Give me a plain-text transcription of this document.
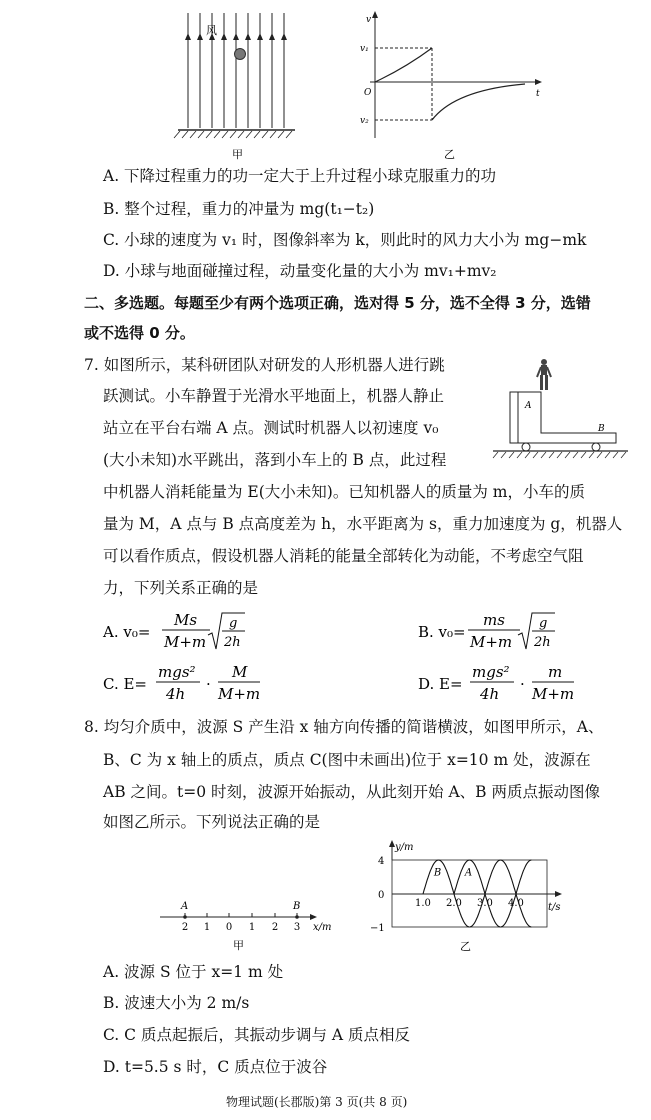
风
甲
v
t
v₁
v₂
O
乙
A. 下降过程重力的功一定大于上升过程小球克服重力的功
B. 整个过程，重力的冲量为 mg(t₁−t₂)
C. 小球的速度为 v₁ 时，图像斜率为 k，则此时的风力大小为 mg−mk
D. 小球与地面碰撞过程，动量变化量的大小为 mv₁+mv₂
二、多选题。每题至少有两个选项正确，选对得 5 分，选不全得 3 分，选错
或不选得 0 分。
7. 如图所示，某科研团队对研发的人形机器人进行跳
跃测试。小车静置于光滑水平地面上，机器人静止
站立在平台右端 A 点。测试时机器人以初速度 v₀
(大小未知)水平跳出，落到小车上的 B 点，此过程
中机器人消耗能量为 E(大小未知)。已知机器人的质量为 m，小车的质
量为 M，A 点与 B 点高度差为 h，水平距离为 s，重力加速度为 g，机器人
可以看作质点，假设机器人消耗的能量全部转化为动能，不考虑空气阻
力，下列关系正确的是
A
B
A. v₀=
Ms
M+m
g
2h
B. v₀=
ms
M+m
g
2h
C. E=
mgs²
4h
·
M
M+m
D. E=
mgs²
4h
·
m
M+m
8. 均匀介质中，波源 S 产生沿 x 轴方向传播的简谐横波，如图甲所示，A、
B、C 为 x 轴上的质点，质点 C(图中未画出)位于 x=10 m 处，波源在
AB 之间。t=0 时刻，波源开始振动，从此刻开始 A、B 两质点振动图像
如图乙所示。下列说法正确的是
2 1 0 1 2 3
A	B
x/m
甲
1.0 2.0 3.0 4.0
4
0
−1
B A
y/m
t/s
乙
A. 波源 S 位于 x=1 m 处
B. 波速大小为 2 m/s
C. C 质点起振后，其振动步调与 A 质点相反
D. t=5.5 s 时，C 质点位于波谷
物理试题(长郡版)第 3 页(共 8 页)
